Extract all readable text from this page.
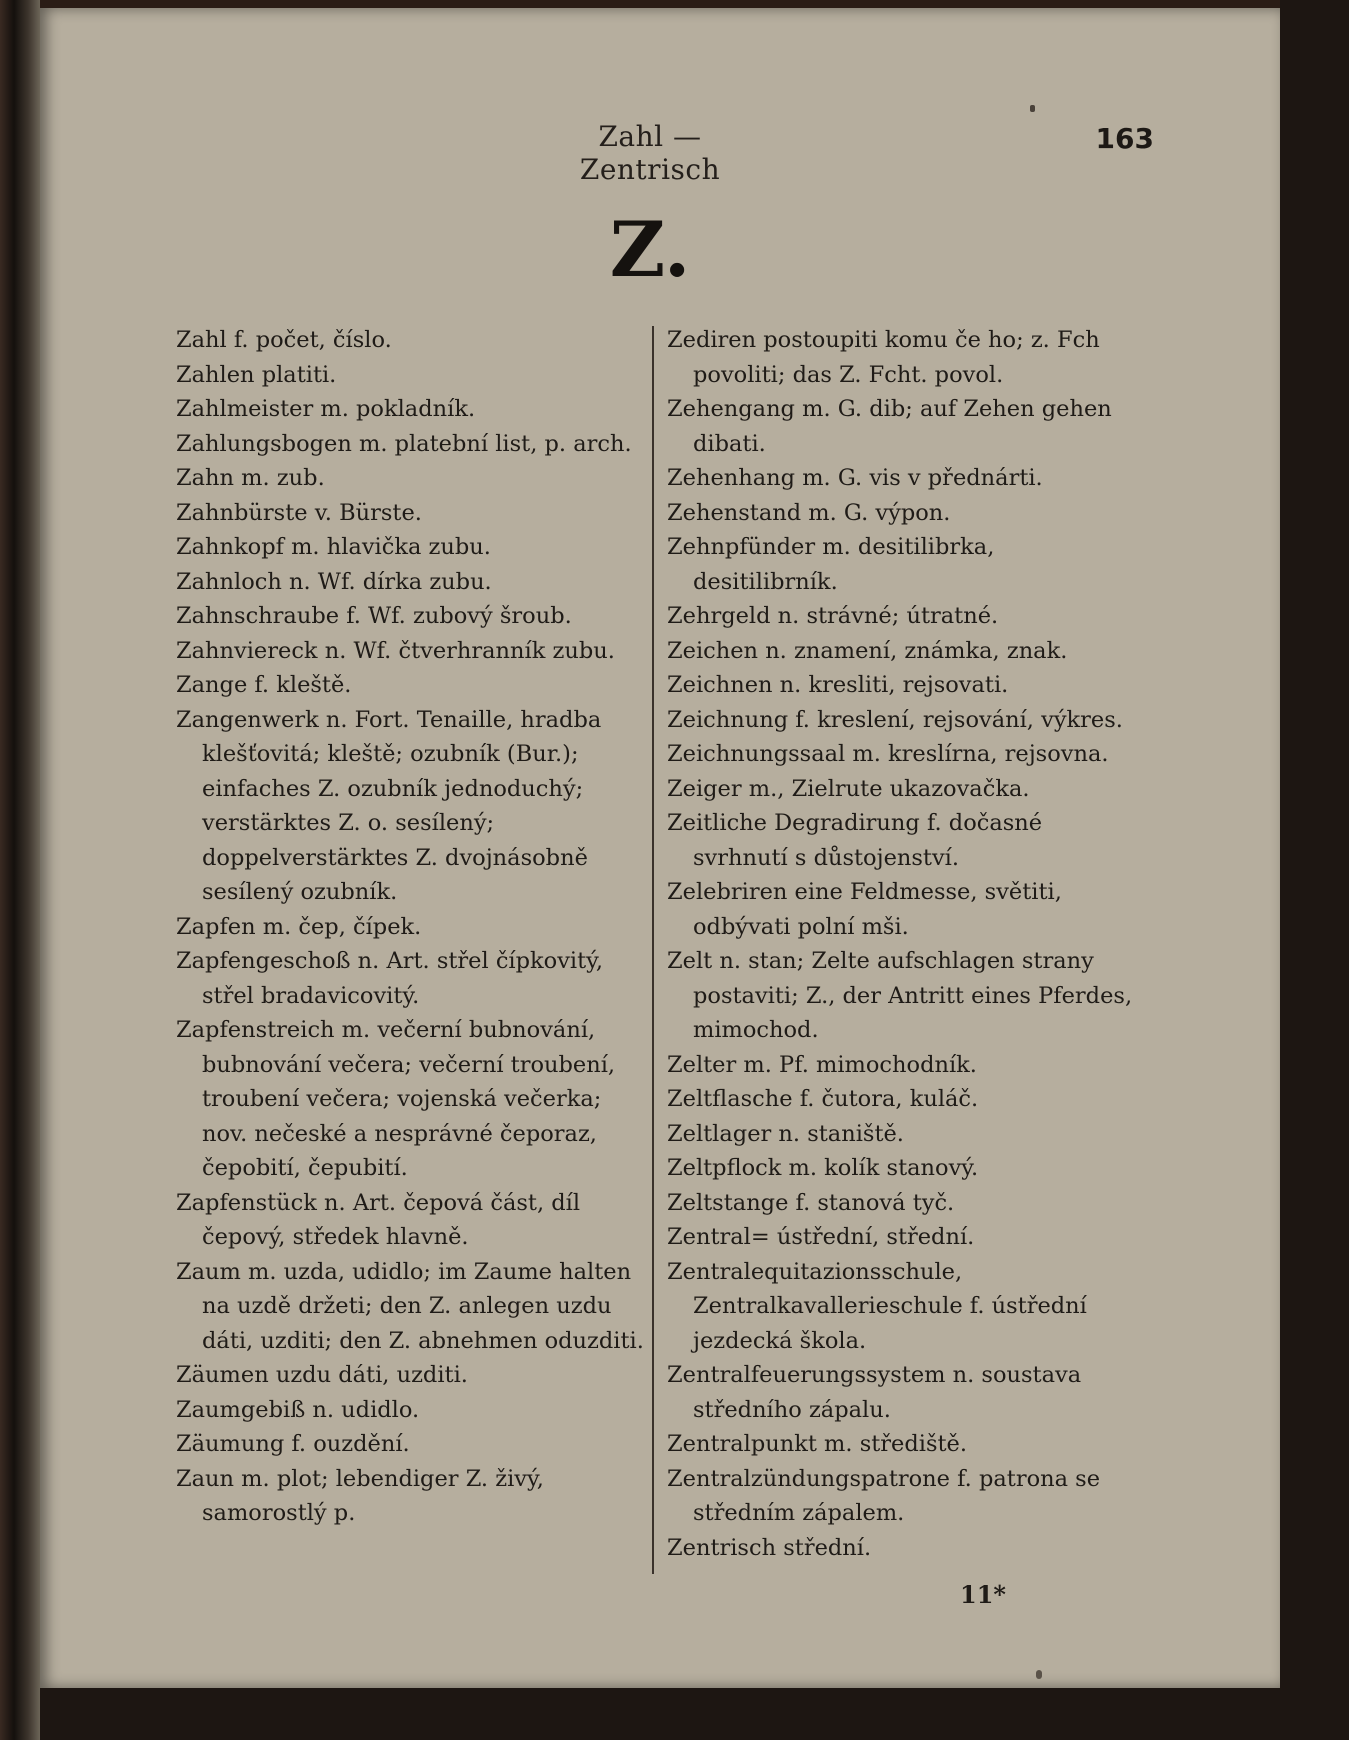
Zahl — Zentrisch
163
Z.

Zahl f. počet, číslo.

Zahlen platiti.

Zahlmeister m. pokladník.

Zahlungsbogen m. platební list, p. arch.

Zahn m. zub.

Zahnbürste v. Bürste.

Zahnkopf m. hlavička zubu.

Zahnloch n. Wf. dírka zubu.

Zahnschraube f. Wf. zubový šroub.

Zahnviereck n. Wf. čtverhranník zubu.

Zange f. kleště.

Zangenwerk n. Fort. Tenaille, hradba klešťovitá; kleště; ozubník (Bur.); einfaches Z. ozubník jednoduchý; verstärktes Z. o. sesílený; doppelverstärktes Z. dvojnásobně sesílený ozubník.

Zapfen m. čep, čípek.

Zapfengeschoß n. Art. střel čípkovitý, střel bradavicovitý.

Zapfenstreich m. večerní bubnování, bubnování večera; večerní troubení, troubení večera; vojenská večerka; nov. nečeské a nesprávné čeporaz, čepobití, čepubití.

Zapfenstück n. Art. čepová část, díl čepový, středek hlavně.

Zaum m. uzda, udidlo; im Zaume halten na uzdě držeti; den Z. anlegen uzdu dáti, uzditi; den Z. abnehmen oduzditi.

Zäumen uzdu dáti, uzditi.

Zaumgebiß n. udidlo.

Zäumung f. ouzdění.

Zaun m. plot; lebendiger Z. živý, samorostlý p.

Zediren postoupiti komu če ho; z. Fch povoliti; das Z. Fcht. povol.

Zehengang m. G. dib; auf Zehen gehen dibati.

Zehenhang m. G. vis v přednárti.

Zehenstand m. G. výpon.

Zehnpfünder m. desitilibrka, desitilibrník.

Zehrgeld n. strávné; útratné.

Zeichen n. znamení, známka, znak.

Zeichnen n. kresliti, rejsovati.

Zeichnung f. kreslení, rejsování, výkres.

Zeichnungssaal m. kreslírna, rejsovna.

Zeiger m., Zielrute ukazovačka.

Zeitliche Degradirung f. dočasné svrhnutí s důstojenství.

Zelebriren eine Feldmesse, světiti, odbývati polní mši.

Zelt n. stan; Zelte aufschlagen strany postaviti; Z., der Antritt eines Pferdes, mimochod.

Zelter m. Pf. mimochodník.

Zeltflasche f. čutora, kuláč.

Zeltlager n. staniště.

Zeltpflock m. kolík stanový.

Zeltstange f. stanová tyč.

Zentral= ústřední, střední.

Zentralequitazionsschule, Zentralkavallerieschule f. ústřední jezdecká škola.

Zentralfeuerungssystem n. soustava středního zápalu.

Zentralpunkt m. střediště.

Zentralzündungspatrone f. patrona se středním zápalem.

Zentrisch střední.

11*
